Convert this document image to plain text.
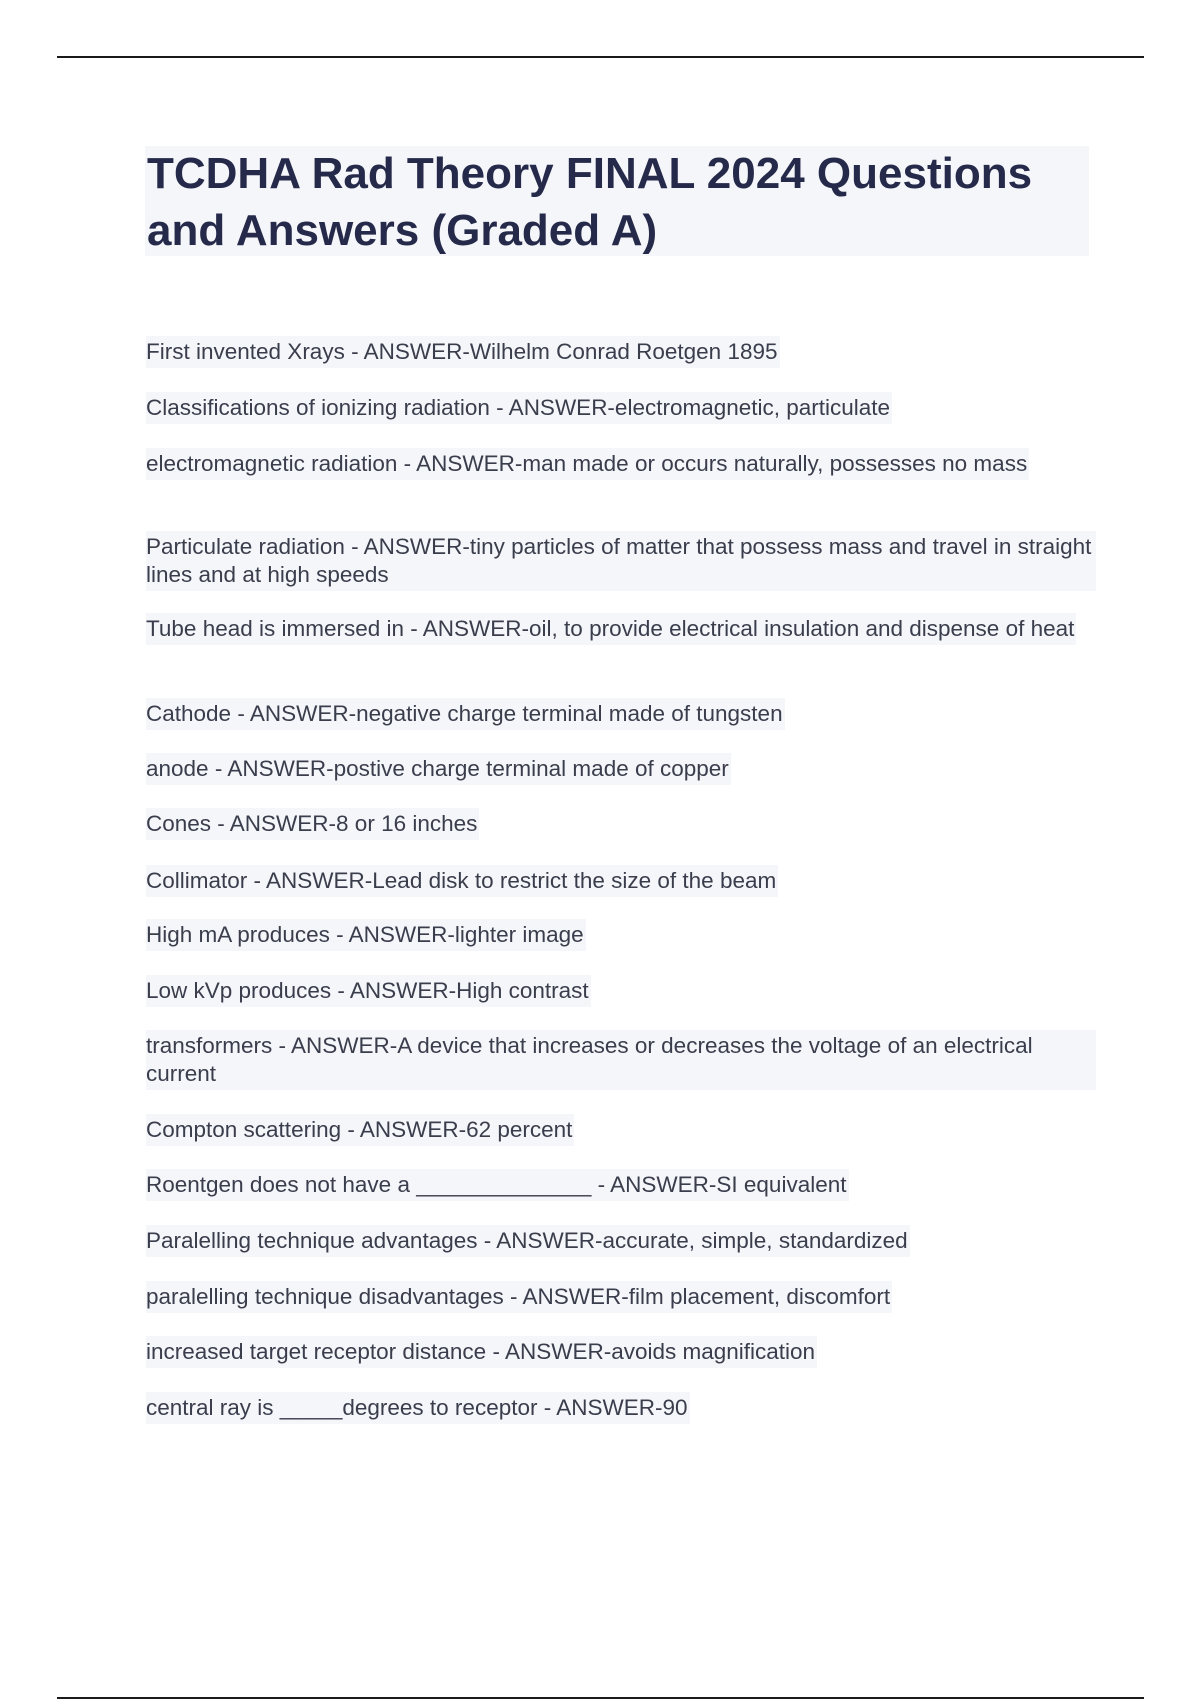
TCDHA Rad Theory FINAL 2024 Questions and Answers (Graded A)
First invented Xrays - ANSWER-Wilhelm Conrad Roetgen 1895
Classifications of ionizing radiation - ANSWER-electromagnetic, particulate
electromagnetic radiation - ANSWER-man made or occurs naturally, possesses no mass
Particulate radiation - ANSWER-tiny particles of matter that possess mass and travel in straight lines and at high speeds
Tube head is immersed in - ANSWER-oil, to provide electrical insulation and dispense of heat
Cathode - ANSWER-negative charge terminal made of tungsten
anode - ANSWER-postive charge terminal made of copper
Cones - ANSWER-8 or 16 inches
Collimator - ANSWER-Lead disk to restrict the size of the beam
High mA produces - ANSWER-lighter image
Low kVp produces - ANSWER-High contrast
transformers - ANSWER-A device that increases or decreases the voltage of an electrical current
Compton scattering - ANSWER-62 percent
Roentgen does not have a ______________ - ANSWER-SI equivalent
Paralelling technique advantages - ANSWER-accurate, simple, standardized
paralelling technique disadvantages - ANSWER-film placement, discomfort
increased target receptor distance - ANSWER-avoids magnification
central ray is _____degrees to receptor - ANSWER-90
